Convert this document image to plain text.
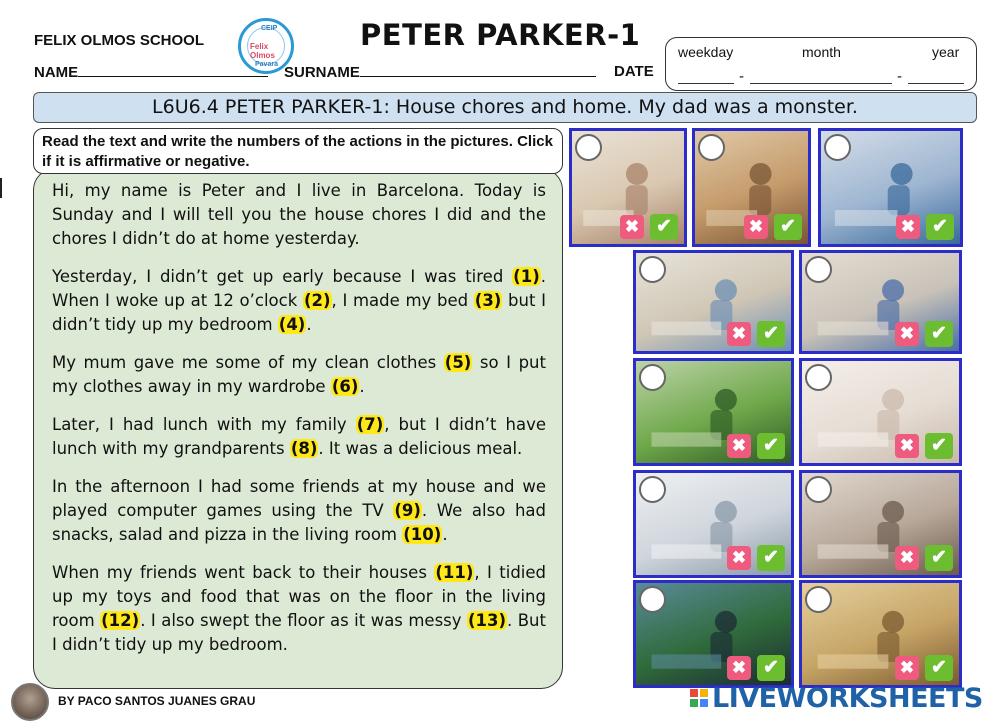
FELIX OLMOS SCHOOL
CEIP
Felix Olmos
Pavara
PETER PARKER-1
NAME	SURNAME	DATE
weekday	month	year
-	-
L6U6.4 PETER PARKER-1: House chores and home. My dad was a monster.
Read the text and write the numbers of the actions in the pictures. Click if it is affirmative or negative.

Hi, my name is Peter and I live in Barcelona. Today is Sunday and I will tell you the house chores I did and the chores I didn’t do at home yesterday.

Yesterday, I didn’t get up early because I was tired (1). When I woke up at 12 o’clock (2), I made my bed (3) but I didn’t tidy up my bedroom (4).

My mum gave me some of my clean clothes (5) so I put my clothes away in my wardrobe (6).

Later, I had lunch with my family (7), but I didn’t have lunch with my grandparents (8). It was a delicious meal.

In the afternoon I had some friends at my house and we played computer games using the TV (9). We also had snacks, salad and pizza in the living room (10).

When my friends went back to their houses (11), I tidied up my toys and food that was on the floor in the living room (12). I also swept the floor as it was messy (13). But I didn’t tidy up my bedroom.

✖ ✔	✖ ✔	✖ ✔
✖ ✔	✖ ✔
✖ ✔	✖ ✔
✖ ✔	✖ ✔
✖ ✔	✖ ✔
BY PACO SANTOS JUANES GRAU	LIVEWORKSHEETS
